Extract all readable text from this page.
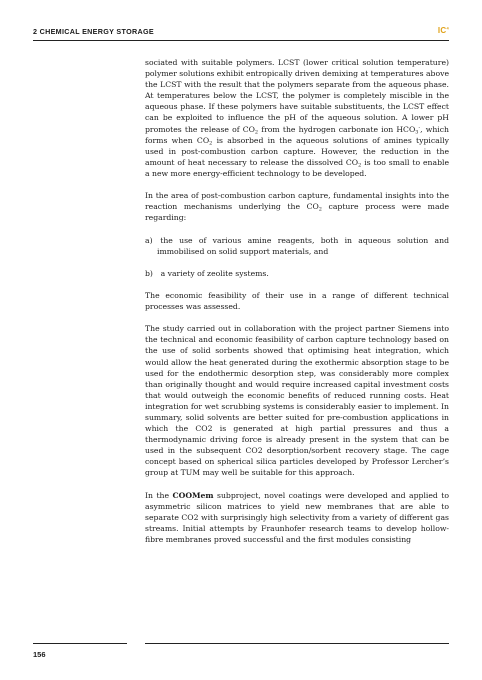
2 CHEMICAL ENERGY STORAGE	$IC^4$

sociated with suitable polymers. LCST (lower critical solution temperature) polymer solutions exhibit entropically driven demixing at temperatures above the LCST with the result that the polymers separate from the aqueous phase. At temperatures below the LCST, the polymer is completely miscible in the aqueous phase. If these polymers have suitable substituents, the LCST effect can be exploited to influence the pH of the aqueous solution. A lower pH promotes the release of $CO_2$ from the hydrogen carbonate ion $HCO_3^-$, which forms when $CO_2$ is absorbed in the aqueous solutions of amines typically used in post-combustion carbon capture. However, the reduction in the amount of heat necessary to release the dissolved $CO_2$ is too small to enable a new more energy-efficient technology to be developed.

In the area of post-combustion carbon capture, fundamental insights into the reaction mechanisms underlying the $CO_2$ capture process were made regarding:

a) the use of various amine reagents, both in aqueous solution and immobilised on solid support materials, and
b) a variety of zeolite systems.

The economic feasibility of their use in a range of different technical processes was assessed.

The study carried out in collaboration with the project partner Siemens into the technical and economic feasibility of carbon capture technology based on the use of solid sorbents showed that optimising heat integration, which would allow the heat generated during the exothermic absorption stage to be used for the endothermic desorption step, was considerably more complex than originally thought and would require increased capital investment costs that would outweigh the economic benefits of reduced running costs. Heat integration for wet scrubbing systems is considerably easier to implement. In summary, solid solvents are better suited for pre-combustion applications in which the CO2 is generated at high partial pressures and thus a thermodynamic driving force is already present in the system that can be used in the subsequent CO2 desorption/sorbent recovery stage. The cage concept based on spherical silica particles developed by Professor Lercher’s group at TUM may well be suitable for this approach.

In the COOMem subproject, novel coatings were developed and applied to asymmetric silicon matrices to yield new membranes that are able to separate CO2 with surprisingly high selectivity from a variety of different gas streams. Initial attempts by Fraunhofer research teams to develop hollow-fibre membranes proved successful and the first modules consisting

156
